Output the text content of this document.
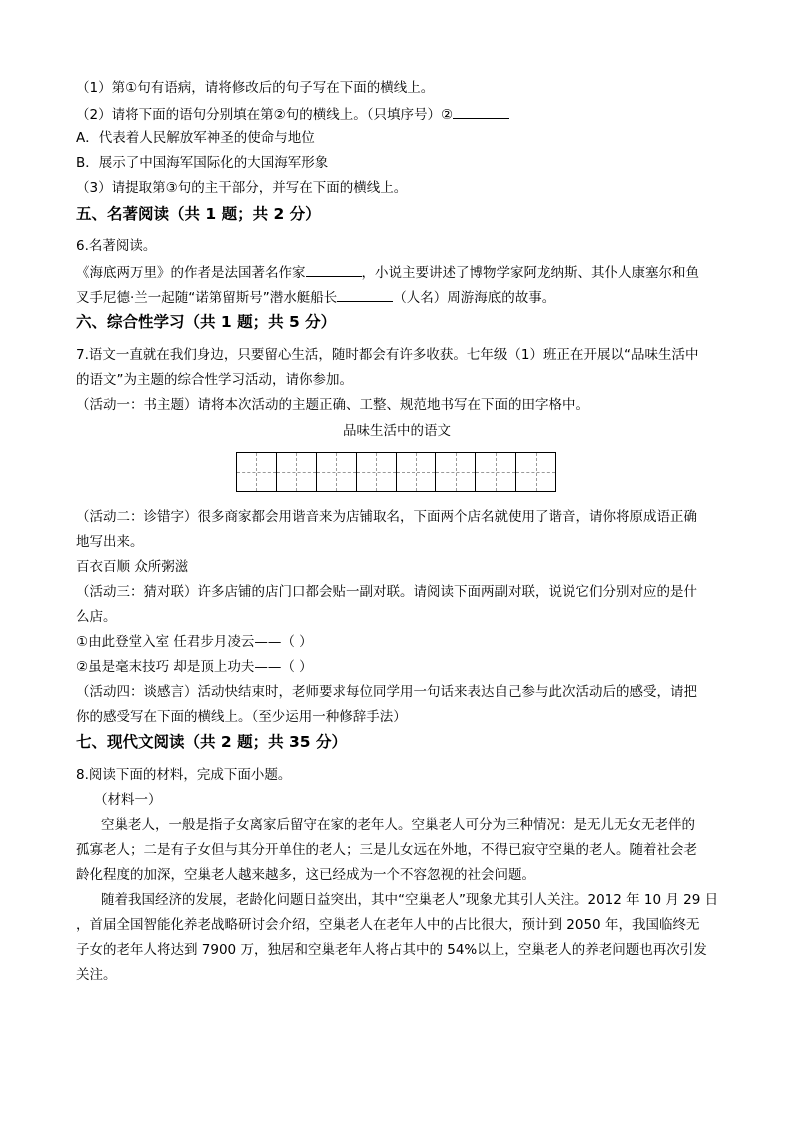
（1）第①句有语病，请将修改后的句子写在下面的横线上。
（2）请将下面的语句分别填在第②句的横线上。（只填序号）②
A．代表着人民解放军神圣的使命与地位
B．展示了中国海军国际化的大国海军形象
（3）请提取第③句的主干部分，并写在下面的横线上。
五、名著阅读（共 1 题；共 2 分）
6.名著阅读。
《海底两万里》的作者是法国著名作家	，小说主要讲述了博物学家阿龙纳斯、其仆人康塞尔和鱼
叉手尼德·兰一起随“诺第留斯号”潜水艇船长	（人名）周游海底的故事。
六、综合性学习（共 1 题；共 5 分）
7.语文一直就在我们身边，只要留心生活，随时都会有许多收获。七年级（1）班正在开展以“品味生活中
的语文”为主题的综合性学习活动，请你参加。
（活动一：书主题）请将本次活动的主题正确、工整、规范地书写在下面的田字格中。
品味生活中的语文
（活动二：诊错字）很多商家都会用谐音来为店铺取名，下面两个店名就使用了谐音，请你将原成语正确
地写出来。
百衣百顺 众所粥滋
（活动三：猜对联）许多店铺的店门口都会贴一副对联。请阅读下面两副对联，说说它们分别对应的是什
么店。
①由此登堂入室 任君步月凌云——（ ）
②虽是毫末技巧 却是顶上功夫——（ ）
（活动四：谈感言）活动快结束时，老师要求每位同学用一句话来表达自己参与此次活动后的感受，请把
你的感受写在下面的横线上。（至少运用一种修辞手法）
七、现代文阅读（共 2 题；共 35 分）
8.阅读下面的材料，完成下面小题。
（材料一）
空巢老人，一般是指子女离家后留守在家的老年人。空巢老人可分为三种情况：是无儿无女无老伴的
孤寡老人；二是有子女但与其分开单住的老人；三是儿女远在外地，不得已寂守空巢的老人。随着社会老
龄化程度的加深，空巢老人越来越多，这已经成为一个不容忽视的社会问题。
随着我国经济的发展，老龄化问题日益突出，其中“空巢老人”现象尤其引人关注。2012 年 10 月 29 日
，首届全国智能化养老战略研讨会介绍，空巢老人在老年人中的占比很大，预计到 2050 年，我国临终无
子女的老年人将达到 7900 万，独居和空巢老年人将占其中的 54%以上，空巢老人的养老问题也再次引发
关注。
